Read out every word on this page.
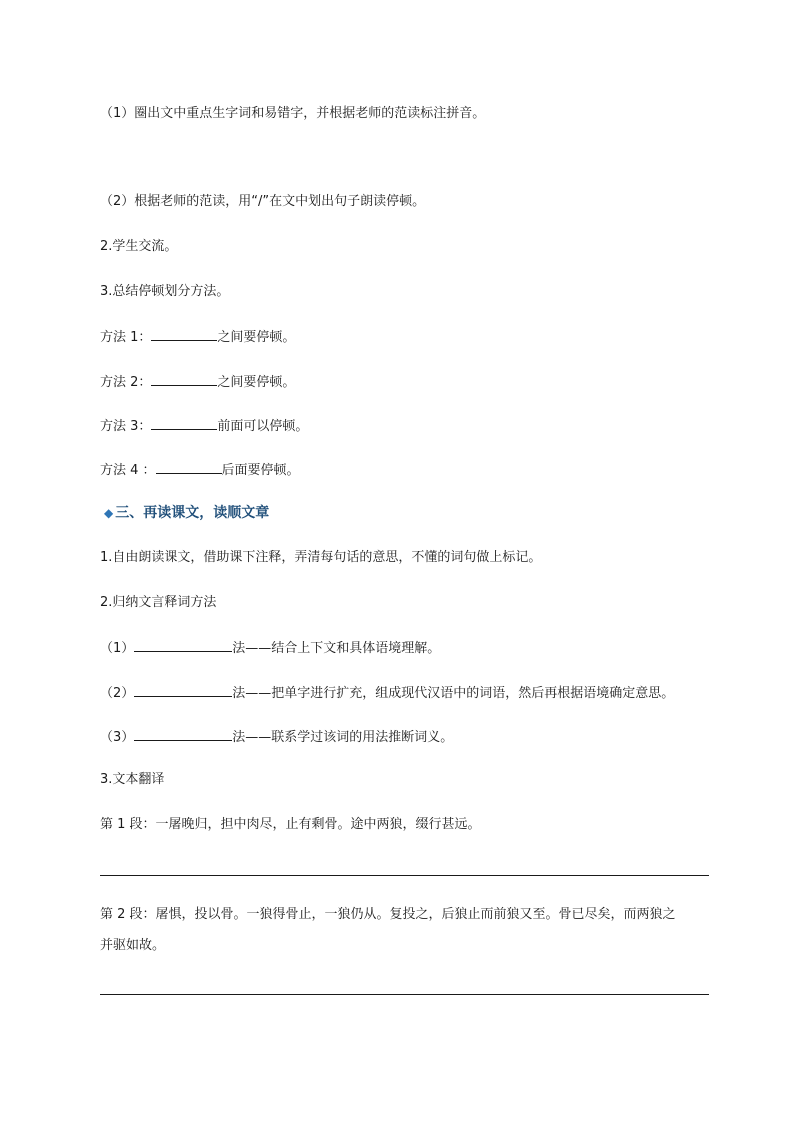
（1）圈出文中重点生字词和易错字，并根据老师的范读标注拼音。
（2）根据老师的范读，用“/”在文中划出句子朗读停顿。
2.学生交流。
3.总结停顿划分方法。
方法 1：	之间要停顿。
方法 2：	之间要停顿。
方法 3：	前面可以停顿。
方法 4 ：	后面要停顿。
◆ 三、再读课文，读顺文章
1.自由朗读课文，借助课下注释，弄清每句话的意思，不懂的词句做上标记。
2.归纳文言释词方法
（1）	法——结合上下文和具体语境理解。
（2）	法——把单字进行扩充，组成现代汉语中的词语，然后再根据语境确定意思。
（3）	法——联系学过该词的用法推断词义。
3.文本翻译
第 1 段：一屠晚归，担中肉尽，止有剩骨。途中两狼，缀行甚远。
第 2 段：屠惧，投以骨。一狼得骨止，一狼仍从。复投之，后狼止而前狼又至。骨已尽矣，而两狼之
并驱如故。
